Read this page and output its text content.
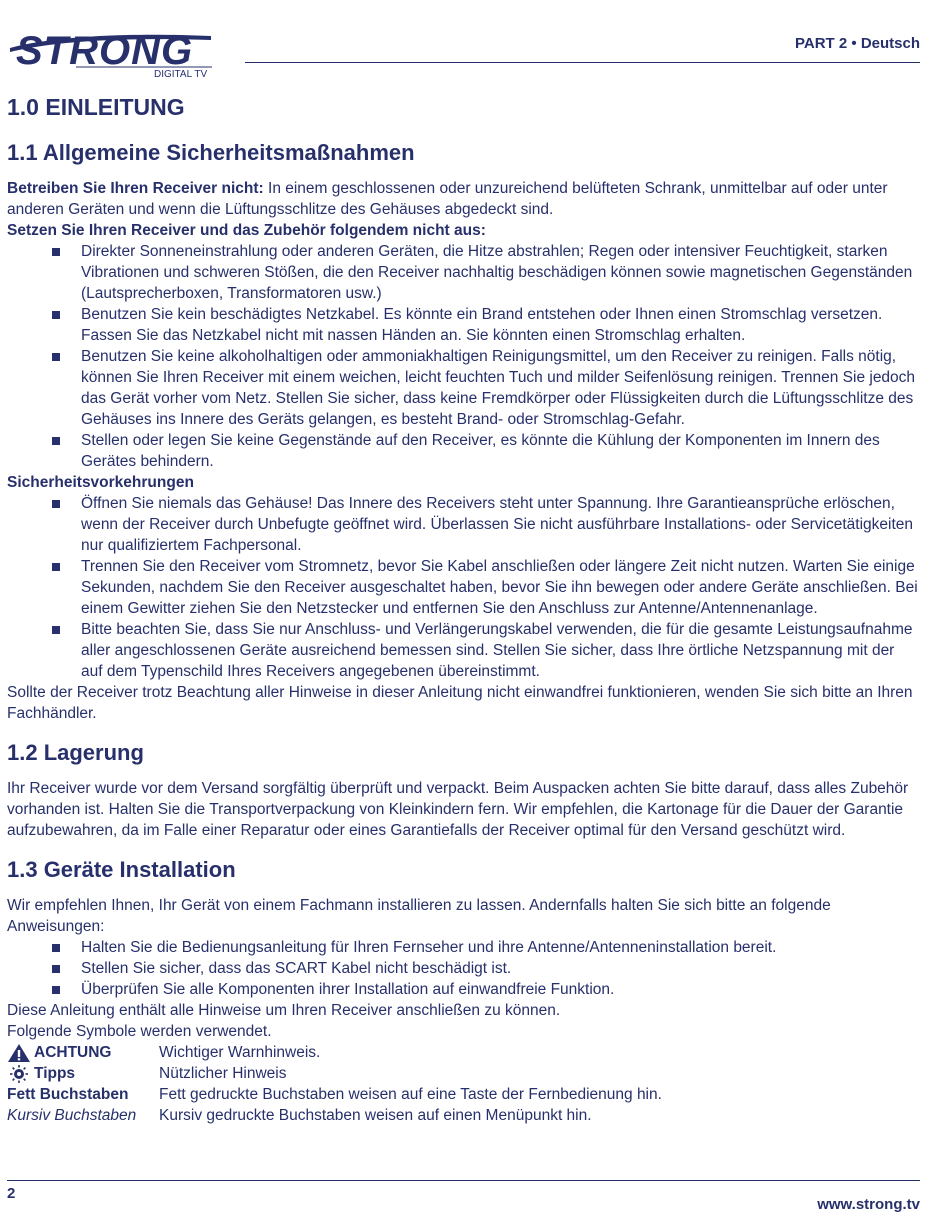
STRONG
DIGITAL TV
PART 2 • Deutsch
1.0 EINLEITUNG
1.1 Allgemeine Sicherheitsmaßnahmen

Betreiben Sie Ihren Receiver nicht: In einem geschlossenen oder unzureichend belüfteten Schrank, unmittelbar auf oder unter anderen Geräten und wenn die Lüftungsschlitze des Gehäuses abgedeckt sind.

Setzen Sie Ihren Receiver und das Zubehör folgendem nicht aus:

Direkter Sonneneinstrahlung oder anderen Geräten, die Hitze abstrahlen; Regen oder intensiver Feuchtigkeit, starken Vibrationen und schweren Stößen, die den Receiver nachhaltig beschädigen können sowie magnetischen Gegenständen (Lautsprecherboxen, Transformatoren usw.)
Benutzen Sie kein beschädigtes Netzkabel. Es könnte ein Brand entstehen oder Ihnen einen Stromschlag versetzen. Fassen Sie das Netzkabel nicht mit nassen Händen an. Sie könnten einen Stromschlag erhalten.
Benutzen Sie keine alkoholhaltigen oder ammoniakhaltigen Reinigungsmittel, um den Receiver zu reinigen. Falls nötig, können Sie Ihren Receiver mit einem weichen, leicht feuchten Tuch und milder Seifenlösung reinigen. Trennen Sie jedoch das Gerät vorher vom Netz. Stellen Sie sicher, dass keine Fremdkörper oder Flüssigkeiten durch die Lüftungsschlitze des Gehäuses ins Innere des Geräts gelangen, es besteht Brand- oder Stromschlag-Gefahr.
Stellen oder legen Sie keine Gegenstände auf den Receiver, es könnte die Kühlung der Komponenten im Innern des Gerätes behindern.

Sicherheitsvorkehrungen

Öffnen Sie niemals das Gehäuse! Das Innere des Receivers steht unter Spannung. Ihre Garantieansprüche erlöschen, wenn der Receiver durch Unbefugte geöffnet wird. Überlassen Sie nicht ausführbare Installations- oder Servicetätigkeiten nur qualifiziertem Fachpersonal.
Trennen Sie den Receiver vom Stromnetz, bevor Sie Kabel anschließen oder längere Zeit nicht nutzen. Warten Sie einige Sekunden, nachdem Sie den Receiver ausgeschaltet haben, bevor Sie ihn bewegen oder andere Geräte anschließen. Bei einem Gewitter ziehen Sie den Netzstecker und entfernen Sie den Anschluss zur Antenne/Antennenanlage.
Bitte beachten Sie, dass Sie nur Anschluss- und Verlängerungskabel verwenden, die für die gesamte Leistungsaufnahme aller angeschlossenen Geräte ausreichend bemessen sind. Stellen Sie sicher, dass Ihre örtliche Netzspannung mit der auf dem Typenschild Ihres Receivers angegebenen übereinstimmt.

Sollte der Receiver trotz Beachtung aller Hinweise in dieser Anleitung nicht einwandfrei funktionieren, wenden Sie sich bitte an Ihren Fachhändler.

1.2 Lagerung

Ihr Receiver wurde vor dem Versand sorgfältig überprüft und verpackt. Beim Auspacken achten Sie bitte darauf, dass alles Zubehör vorhanden ist. Halten Sie die Transportverpackung von Kleinkindern fern. Wir empfehlen, die Kartonage für die Dauer der Garantie aufzubewahren, da im Falle einer Reparatur oder eines Garantiefalls der Receiver optimal für den Versand geschützt wird.

1.3 Geräte Installation

Wir empfehlen Ihnen, Ihr Gerät von einem Fachmann installieren zu lassen. Andernfalls halten Sie sich bitte an folgende Anweisungen:

Halten Sie die Bedienungsanleitung für Ihren Fernseher und ihre Antenne/Antenneninstallation bereit.
Stellen Sie sicher, dass das SCART Kabel nicht beschädigt ist.
Überprüfen Sie alle Komponenten ihrer Installation auf einwandfreie Funktion.

Diese Anleitung enthält alle Hinweise um Ihren Receiver anschließen zu können.

Folgende Symbole werden verwendet.

ACHTUNG	Wichtiger Warnhinweis.
Tipps	Nützlicher Hinweis
Fett Buchstaben	Fett gedruckte Buchstaben weisen auf eine Taste der Fernbedienung hin.
Kursiv Buchstaben	Kursiv gedruckte Buchstaben weisen auf einen Menüpunkt hin.
2
www.strong.tv
